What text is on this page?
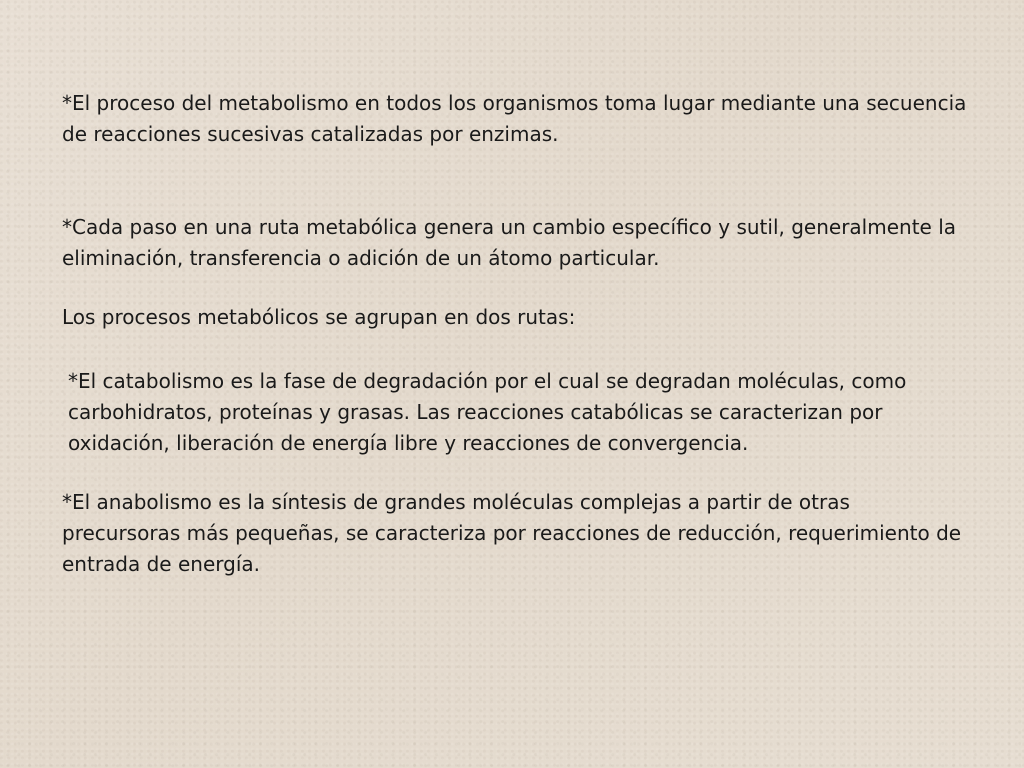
*El proceso del metabolismo en todos los organismos toma lugar mediante una secuencia de reacciones sucesivas catalizadas por enzimas.

*Cada paso en una ruta metabólica genera un cambio específico y sutil, generalmente la eliminación, transferencia o adición de un átomo particular.

Los procesos metabólicos se agrupan en dos rutas:

*El catabolismo es la fase de degradación por el cual se degradan moléculas, como carbohidratos, proteínas y grasas. Las reacciones catabólicas se caracterizan por oxidación, liberación de energía libre y reacciones de convergencia.

*El anabolismo es la síntesis de grandes moléculas complejas a partir de otras precursoras más pequeñas, se caracteriza por reacciones de reducción, requerimiento de entrada de energía.
